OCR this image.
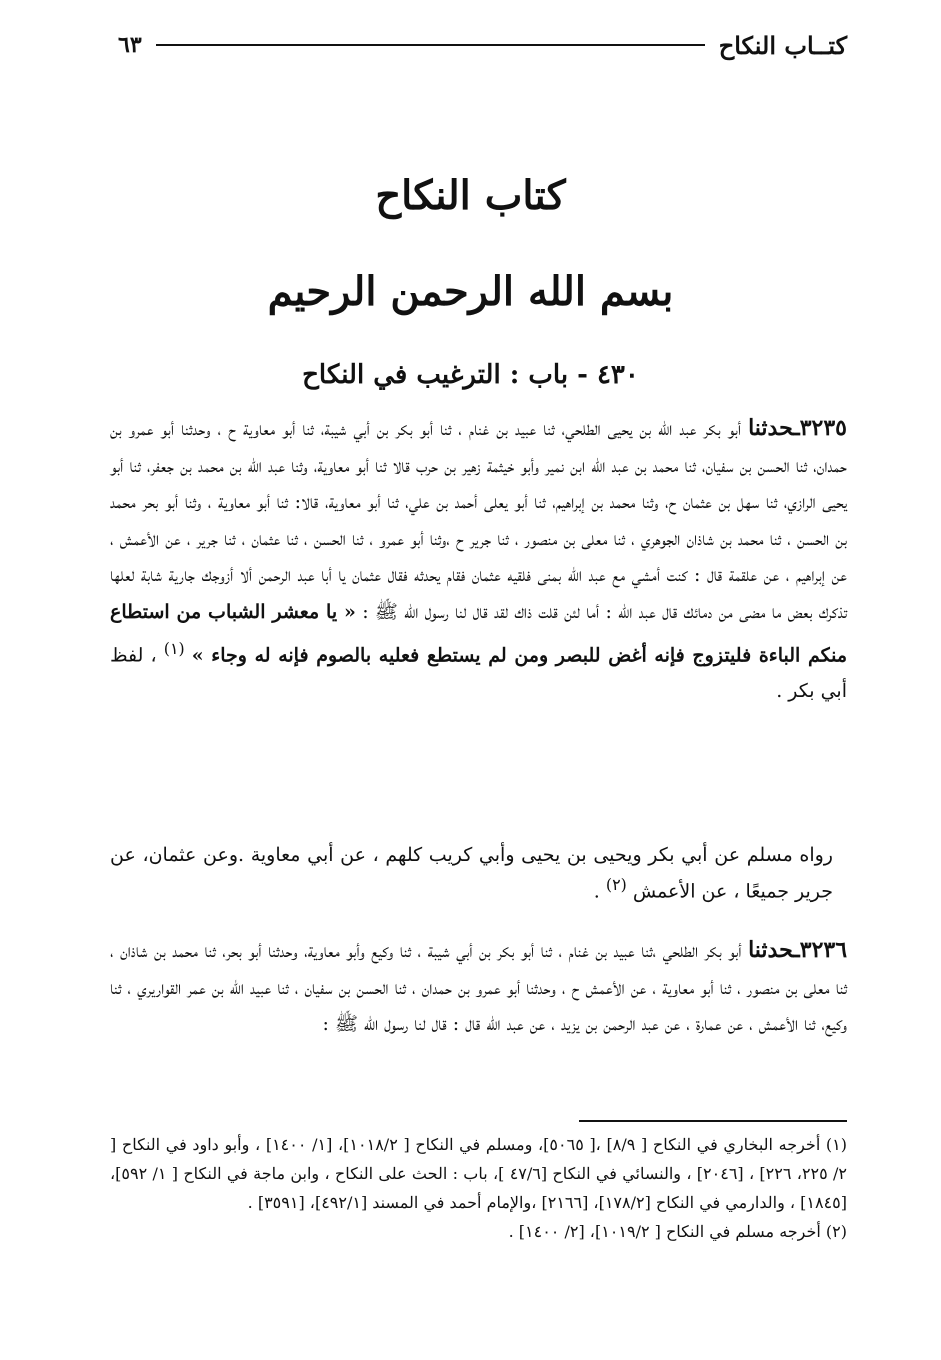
كتــاب النكاح
٦٣
كتاب النكاح
بسم الله الرحمن الرحيم
٤٣٠ - باب : الترغيب في النكاح
٣٢٣٥ـحدثنا أبو بكر عبد الله بن يحيى الطلحي، ثنا عبيد بن غنام ، ثنا أبو بكر بن أبي شيبة، ثنا أبو معاوية ح ، وحدثنا أبو عمرو بن حمدان، ثنا الحسن بن سفيان، ثنا محمد بن عبد الله ابن نمير وأبو خيثمة زهير بن حرب قالا ثنا أبو معاوية، وثنا عبد الله بن محمد بن جعفر، ثنا أبو يحيى الرازي، ثنا سهل بن عثمان ح، وثنا محمد بن إبراهيم، ثنا أبو يعلى أحمد بن علي، ثنا أبو معاوية، قالا: ثنا أبو معاوية ، وثنا أبو بحر محمد بن الحسن ، ثنا محمد بن شاذان الجوهري ، ثنا معلى بن منصور ، ثنا جرير ح ،وثنا أبو عمرو ، ثنا الحسن ، ثنا عثمان ، ثنا جرير ، عن الأعمش ، عن إبراهيم ، عن علقمة قال : كنت أمشي مع عبد الله بمنى فلقيه عثمان فقام يحدثه فقال عثمان يا أبا عبد الرحمن ألا أزوجك جارية شابة لعلها تذكرك بعض ما مضى من دمائك قال عبد الله : أما لئن قلت ذاك لقد قال لنا رسول الله ﷺ : « يا معشر الشباب من استطاع منكم الباءة فليتزوج فإنه أغض للبصر ومن لم يستطع فعليه بالصوم فإنه له وجاء » $^{(١)}$ ، لفظ أبي بكر .
رواه مسلم عن أبي بكر ويحيى بن يحيى وأبي كريب كلهم ، عن أبي معاوية .وعن عثمان، عن جرير جميعًا ، عن الأعمش $^{(٢)}$ .
٣٢٣٦ـحدثنا أبو بكر الطلحي ،ثنا عبيد بن غنام ، ثنا أبو بكر بن أبي شيبة ، ثنا وكيع وأبو معاوية، وحدثنا أبو بحر، ثنا محمد بن شاذان ، ثنا معلى بن منصور ، ثنا أبو معاوية ، عن الأعمش ح ، وحدثنا أبو عمرو بن حمدان ، ثنا الحسن بن سفيان ، ثنا عبيد الله بن عمر القواريري ، ثنا وكيع، ثنا الأعمش ، عن عمارة ، عن عبد الرحمن بن يزيد ، عن عبد الله قال : قال لنا رسول الله ﷺ :
(١) أخرجه البخاري في النكاح [ ٨/٩] ،[ ٥٠٦٥]، ومسلم في النكاح [ ١٠١٨/٢]، [١/ ١٤٠٠] ، وأبو داود في النكاح [ ٢/ ٢٢٥، ٢٢٦] ، [٢٠٤٦] ، والنسائي في النكاح [٤٧/٦ ]، باب : الحث على النكاح ، وابن ماجة في النكاح [ ١/ ٥٩٢]، [١٨٤٥] ، والدارمي في النكاح [١٧٨/٢]، [٢١٦٦] ،والإمام أحمد في المسند [٤٩٢/١]، [٣٥٩١] .
(٢) أخرجه مسلم في النكاح [ ١٠١٩/٢]، [٢/ ١٤٠٠] .
